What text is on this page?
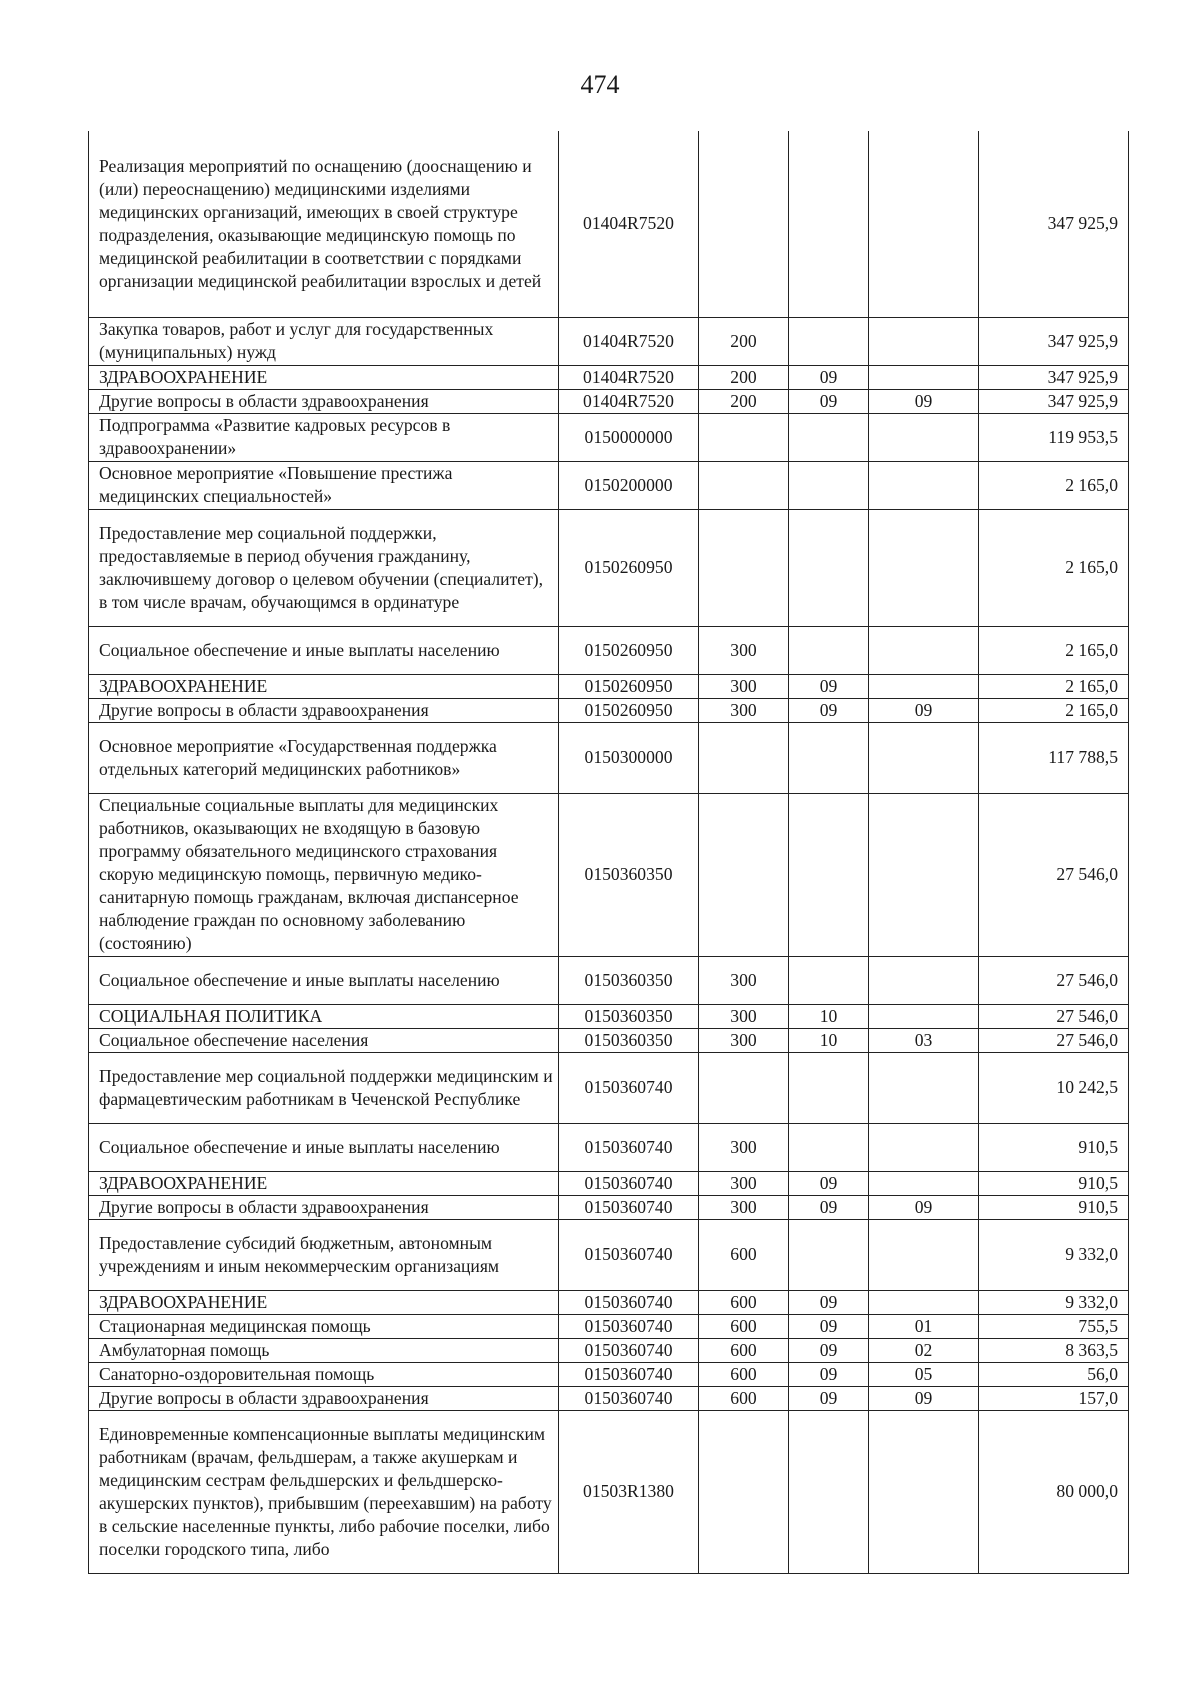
474
Реализация мероприятий по оснащению (дооснащению и (или) переоснащению) медицинскими изделиями медицинских организаций, имеющих в своей структуре подразделения, оказывающие медицинскую помощь по медицинской реабилитации в соответствии с порядками организации медицинской реабилитации взрослых и детей	01404R7520				347 925,9
Закупка товаров, работ и услуг для государственных (муниципальных) нужд	01404R7520	200			347 925,9
ЗДРАВООХРАНЕНИЕ	01404R7520	200	09		347 925,9
Другие вопросы в области здравоохранения	01404R7520	200	09	09	347 925,9
Подпрограмма «Развитие кадровых ресурсов в здравоохранении»	0150000000				119 953,5
Основное мероприятие «Повышение престижа медицинских специальностей»	0150200000				2 165,0
Предоставление мер социальной поддержки, предоставляемые в период обучения гражданину, заключившему договор о целевом обучении (специалитет), в том числе врачам, обучающимся в ординатуре	0150260950				2 165,0
Социальное обеспечение и иные выплаты населению	0150260950	300			2 165,0
ЗДРАВООХРАНЕНИЕ	0150260950	300	09		2 165,0
Другие вопросы в области здравоохранения	0150260950	300	09	09	2 165,0
Основное мероприятие «Государственная поддержка отдельных категорий медицинских работников»	0150300000				117 788,5
Специальные социальные выплаты для медицинских работников, оказывающих не входящую в базовую программу обязательного медицинского страхования скорую медицинскую помощь, первичную медико-санитарную помощь гражданам, включая диспансерное наблюдение граждан по основному заболеванию (состоянию)	0150360350				27 546,0
Социальное обеспечение и иные выплаты населению	0150360350	300			27 546,0
СОЦИАЛЬНАЯ ПОЛИТИКА	0150360350	300	10		27 546,0
Социальное обеспечение населения	0150360350	300	10	03	27 546,0
Предоставление мер социальной поддержки медицинским и фармацевтическим работникам в Чеченской Республике	0150360740				10 242,5
Социальное обеспечение и иные выплаты населению	0150360740	300			910,5
ЗДРАВООХРАНЕНИЕ	0150360740	300	09		910,5
Другие вопросы в области здравоохранения	0150360740	300	09	09	910,5
Предоставление субсидий бюджетным, автономным учреждениям и иным некоммерческим организациям	0150360740	600			9 332,0
ЗДРАВООХРАНЕНИЕ	0150360740	600	09		9 332,0
Стационарная медицинская помощь	0150360740	600	09	01	755,5
Амбулаторная помощь	0150360740	600	09	02	8 363,5
Санаторно-оздоровительная помощь	0150360740	600	09	05	56,0
Другие вопросы в области здравоохранения	0150360740	600	09	09	157,0
Единовременные компенсационные выплаты медицинским работникам (врачам, фельдшерам, а также акушеркам и медицинским сестрам фельдшерских и фельдшерско-акушерских пунктов), прибывшим (переехавшим) на работу в сельские населенные пункты, либо рабочие поселки, либо поселки городского типа, либо	01503R1380				80 000,0
